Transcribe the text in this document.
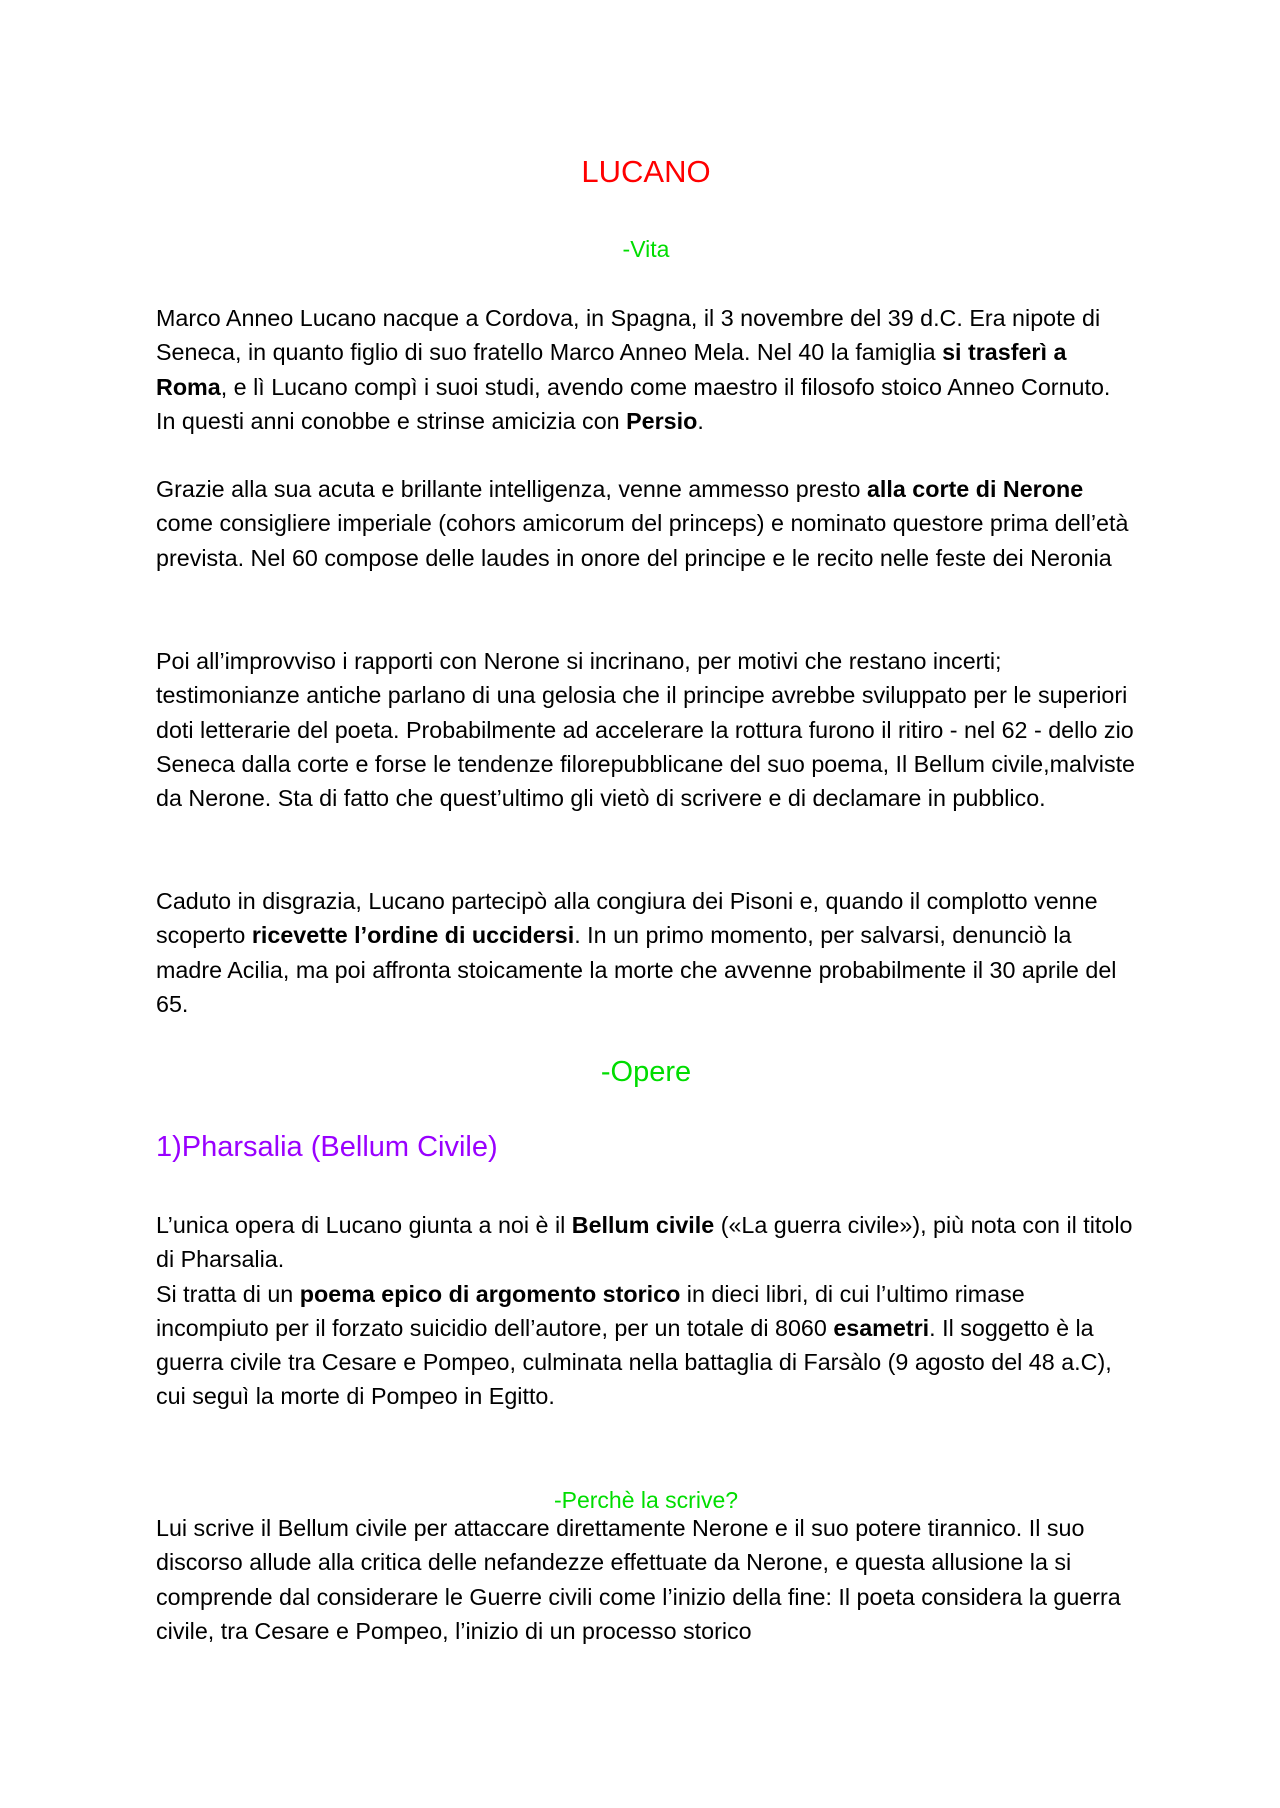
LUCANO
-Vita

Marco Anneo Lucano nacque a Cordova, in Spagna, il 3 novembre del 39 d.C. Era nipote di Seneca, in quanto figlio di suo fratello Marco Anneo Mela. Nel 40 la famiglia si trasferì a Roma, e lì Lucano compì i suoi studi, avendo come maestro il filosofo stoico Anneo Cornuto. In questi anni conobbe e strinse amicizia con Persio.

Grazie alla sua acuta e brillante intelligenza, venne ammesso presto alla corte di Nerone come consigliere imperiale (cohors amicorum del princeps) e nominato questore prima dell’età prevista. Nel 60 compose delle laudes in onore del principe e le recito nelle feste dei Neronia

Poi all’improvviso i rapporti con Nerone si incrinano, per motivi che restano incerti; testimonianze antiche parlano di una gelosia che il principe avrebbe sviluppato per le superiori doti letterarie del poeta. Probabilmente ad accelerare la rottura furono il ritiro - nel 62 - dello zio Seneca dalla corte e forse le tendenze filorepubblicane del suo poema, Il Bellum civile,malviste da Nerone. Sta di fatto che quest’ultimo gli vietò di scrivere e di declamare in pubblico.

Caduto in disgrazia, Lucano partecipò alla congiura dei Pisoni e, quando il complotto venne scoperto ricevette l’ordine di uccidersi. In un primo momento, per salvarsi, denunciò la madre Acilia, ma poi affronta stoicamente la morte che avvenne probabilmente il 30 aprile del 65.

-Opere
1)Pharsalia (Bellum Civile)

L’unica opera di Lucano giunta a noi è il Bellum civile («La guerra civile»), più nota con il titolo di Pharsalia.
Si tratta di un poema epico di argomento storico in dieci libri, di cui l’ultimo rimase incompiuto per il forzato suicidio dell’autore, per un totale di 8060 esametri. Il soggetto è la guerra civile tra Cesare e Pompeo, culminata nella battaglia di Farsàlo (9 agosto del 48 a.C), cui seguì la morte di Pompeo in Egitto.

-Perchè la scrive?

Lui scrive il Bellum civile per attaccare direttamente Nerone e il suo potere tirannico. Il suo discorso allude alla critica delle nefandezze effettuate da Nerone, e questa allusione la si comprende dal considerare le Guerre civili come l’inizio della fine: Il poeta considera la guerra civile, tra Cesare e Pompeo, l’inizio di un processo storico
